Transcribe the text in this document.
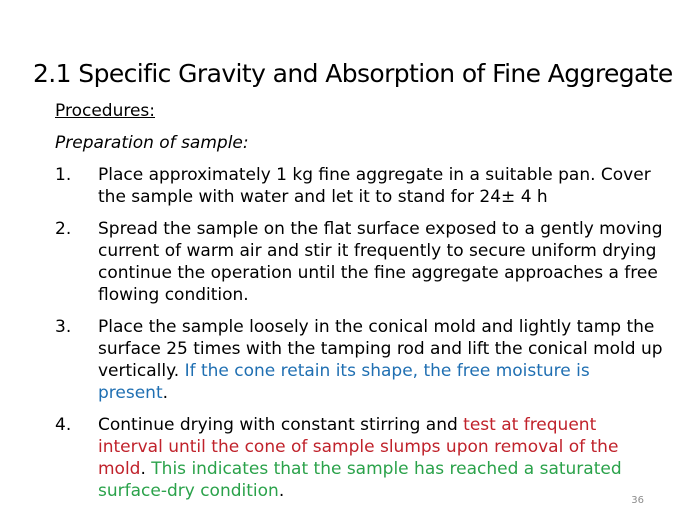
2.1 Specific Gravity and Absorption of Fine Aggregate
Procedures:
Preparation of sample:
1. Place approximately 1 kg fine aggregate in a suitable pan. Cover the sample with water and let it to stand for 24± 4 h
2. Spread the sample on the flat surface exposed to a gently moving current of warm air and stir it frequently to secure uniform drying continue the operation until the fine aggregate approaches a free flowing condition.
3. Place the sample loosely in the conical mold and lightly tamp the surface 25 times with the tamping rod and lift the conical mold up vertically. If the cone retain its shape, the free moisture is present.
4. Continue drying with constant stirring and test at frequent interval until the cone of sample slumps upon removal of the mold. This indicates that the sample has reached a saturated surface-dry condition.	36
